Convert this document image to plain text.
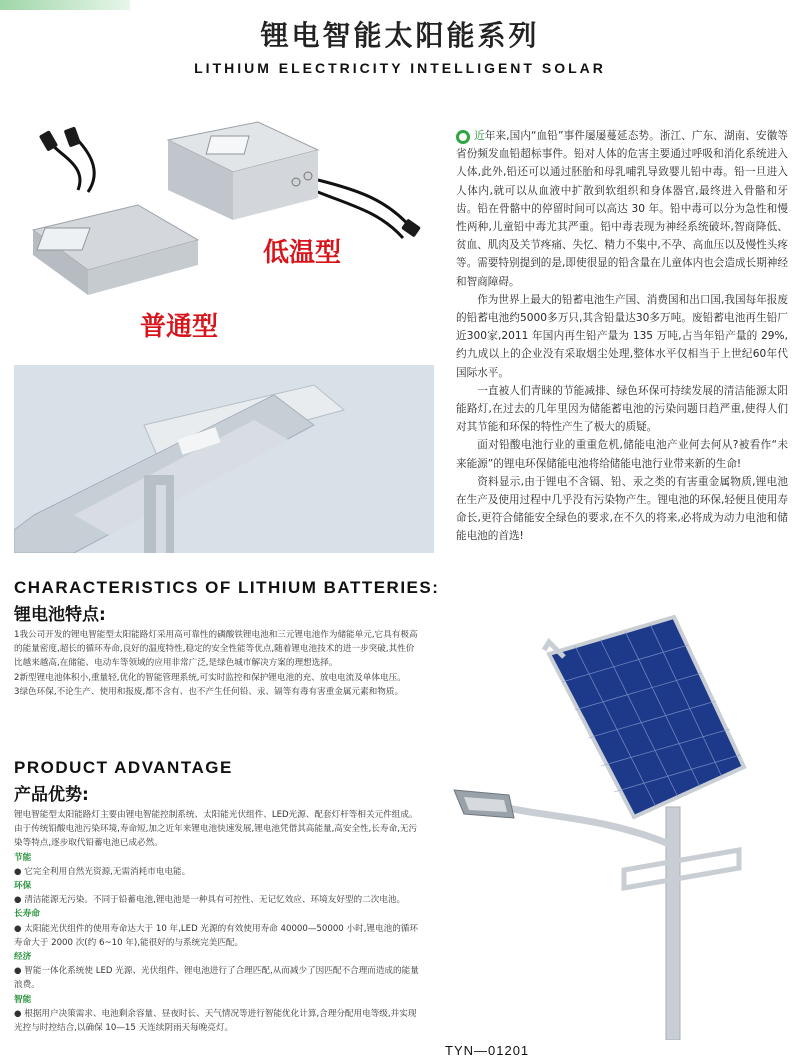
锂电智能太阳能系列
LITHIUM ELECTRICITY INTELLIGENT SOLAR
低温型
普通型

近年来,国内“血铅”事件屡屡蔓延态势。浙江、广东、湖南、安徽等省份频发血铅超标事件。铅对人体的危害主要通过呼吸和消化系统进入人体,此外,铅还可以通过胚胎和母乳哺乳导致婴儿铅中毒。铅一旦进入人体内,就可以从血液中扩散到软组织和身体器官,最终进入骨骼和牙齿。铅在骨骼中的停留时间可以高达 30 年。铅中毒可以分为急性和慢性两种,儿童铅中毒尤其严重。铅中毒表现为神经系统破坏,智商降低、贫血、肌肉及关节疼痛、失忆、精力不集中,不孕、高血压以及慢性头疼等。需要特别提到的是,即使很显的铅含量在儿童体内也会造成长期神经和智商障碍。

作为世界上最大的铅蓄电池生产国、消费国和出口国,我国每年报废的铅蓄电池约5000多万只,其含铅量达30多万吨。废铅蓄电池再生铅厂近300家,2011 年国内再生铅产量为 135 万吨,占当年铅产量的 29%,约九成以上的企业没有采取烟尘处理,整体水平仅相当于上世纪60年代国际水平。

一直被人们青睐的节能减排、绿色环保可持续发展的清洁能源太阳能路灯,在过去的几年里因为储能蓄电池的污染问题日趋严重,使得人们对其节能和环保的特性产生了极大的质疑。

面对铅酸电池行业的重重危机,储能电池产业何去何从?被看作“未来能源”的锂电环保储能电池将给储能电池行业带来新的生命!

资料显示,由于锂电不含镉、铅、汞之类的有害重金属物质,锂电池在生产及使用过程中几乎没有污染物产生。锂电池的环保,轻便且使用寿命长,更符合储能安全绿色的要求,在不久的将来,必将成为动力电池和储能电池的首选!

CHARACTERISTICS OF LITHIUM BATTERIES:
锂电池特点:

1我公司开发的锂电智能型太阳能路灯采用高可靠性的磷酸铁锂电池和三元锂电池作为储能单元,它具有极高的能量密度,超长的循环寿命,良好的温度特性,稳定的安全性能等优点,随着锂电池技术的进一步突破,其性价比越来越高,在储能、电动车等领域的应用非常广泛,是绿色城市解决方案的理想选择。

2新型锂电池体积小,重量轻,优化的智能管理系统,可实时监控和保护锂电池的充、放电电流及单体电压。

3绿色环保,不论生产、使用和报废,都不含有、也不产生任何铅、汞、镉等有毒有害重金属元素和物质。

PRODUCT ADVANTAGE
产品优势:

锂电智能型太阳能路灯主要由锂电智能控制系统、太阳能光伏组件、LED光源、配套灯杆等相关元件组成。由于传统铅酸电池污染环境,寿命短,加之近年来锂电池快速发展,锂电池凭借其高能量,高安全性,长寿命,无污染等特点,逐步取代铅蓄电池已成必然。

节能

● 它完全利用自然光资源,无需消耗市电电能。

环保

● 清洁能源无污染。不同于铅蓄电池,锂电池是一种具有可控性、无记忆效应、环境友好型的二次电池。

长寿命

● 太阳能光伏组件的使用寿命达大于 10 年,LED 光源的有效使用寿命 40000—50000 小时,锂电池的循环寿命大于 2000 次(约 6~10 年),能很好的与系统完美匹配。

经济

● 智能一体化系统使 LED 光源、光伏组件、锂电池进行了合理匹配,从而减少了因匹配不合理而造成的能量浪费。

智能

● 根据用户决策需求、电池剩余容量、昼夜时长、天气情况等进行智能优化计算,合理分配用电等级,并实现光控与时控结合,以确保 10—15 天连续阴雨天每晚亮灯。

TYN—01201
